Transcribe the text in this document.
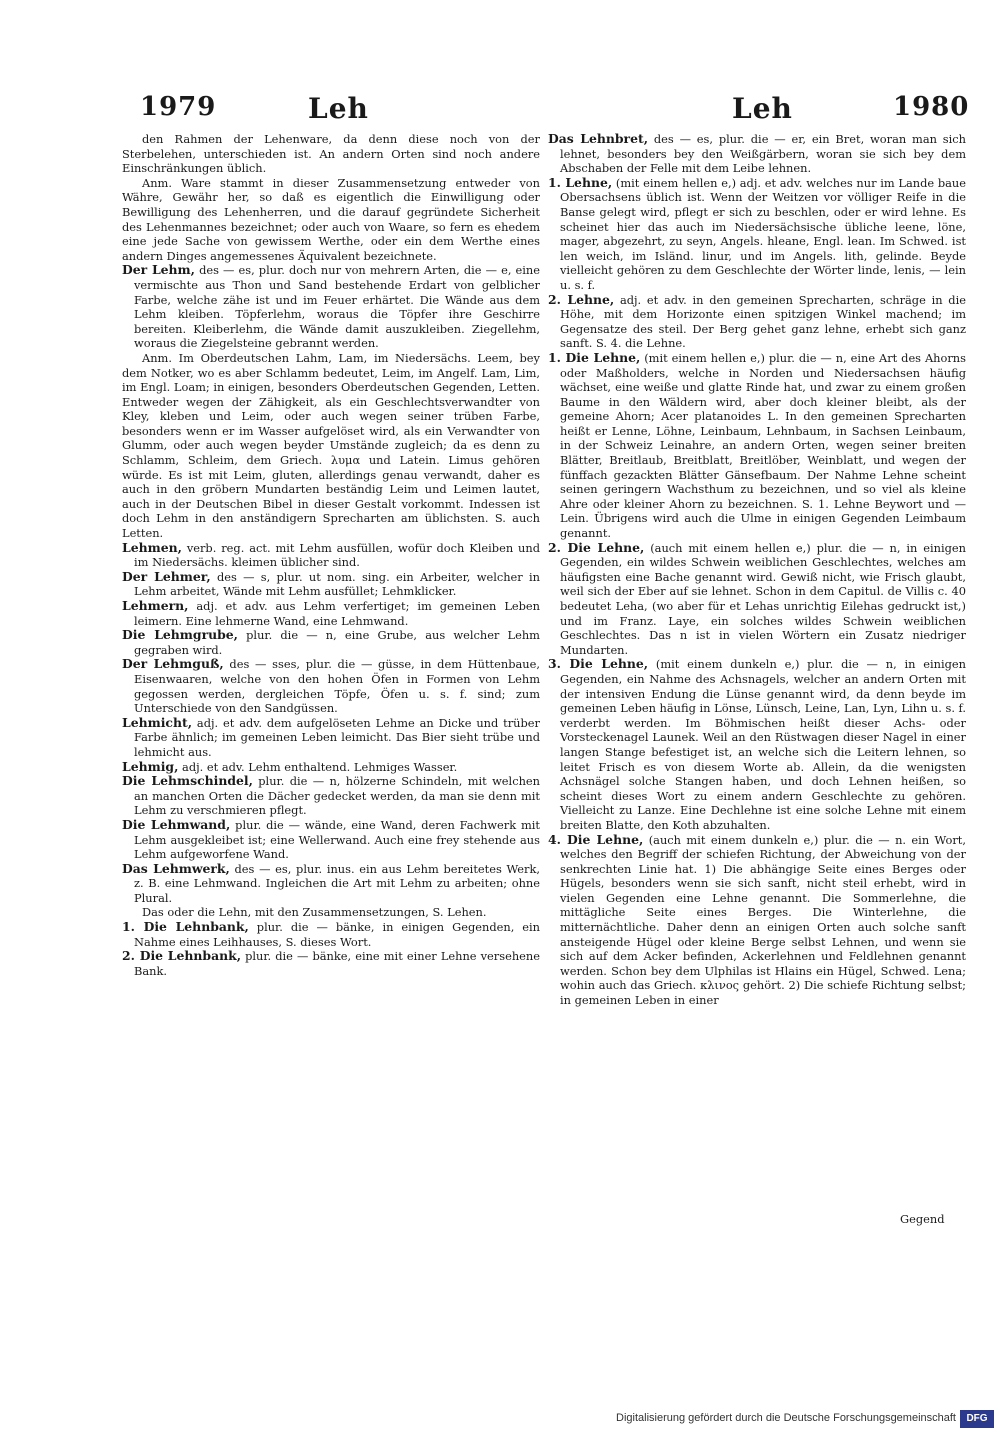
1979	Leh	Leh	1980

den Rahmen der Lehenware, da denn diese noch von der Sterbelehen, unterschieden ist. An andern Orten sind noch andere Einschränkungen üblich.

Anm. Ware stammt in dieser Zusammensetzung entweder von Währe, Gewähr her, so daß es eigentlich die Einwilligung oder Bewilligung des Lehenherren, und die darauf gegründete Sicherheit des Lehenmannes bezeichnet; oder auch von Waare, so fern es ehedem eine jede Sache von gewissem Werthe, oder ein dem Werthe eines andern Dinges angemessenes Äquivalent bezeichnete.

Der Lehm, des — es, plur. doch nur von mehrern Arten, die — e, eine vermischte aus Thon und Sand bestehende Erdart von gelblicher Farbe, welche zähe ist und im Feuer erhärtet. Die Wände aus dem Lehm kleiben. Töpferlehm, woraus die Töpfer ihre Geschirre bereiten. Kleiberlehm, die Wände damit auszukleiben. Ziegellehm, woraus die Ziegelsteine gebrannt werden.

Anm. Im Oberdeutschen Lahm, Lam, im Niedersächs. Leem, bey dem Notker, wo es aber Schlamm bedeutet, Leim, im Angelf. Lam, Lim, im Engl. Loam; in einigen, besonders Oberdeutschen Gegenden, Letten. Entweder wegen der Zähigkeit, als ein Geschlechtsverwandter von Kley, kleben und Leim, oder auch wegen seiner trüben Farbe, besonders wenn er im Wasser aufgelöset wird, als ein Verwandter von Glumm, oder auch wegen beyder Umstände zugleich; da es denn zu Schlamm, Schleim, dem Griech. λυμα und Latein. Limus gehören würde. Es ist mit Leim, gluten, allerdings genau verwandt, daher es auch in den gröbern Mundarten beständig Leim und Leimen lautet, auch in der Deutschen Bibel in dieser Gestalt vorkommt. Indessen ist doch Lehm in den anständigern Sprecharten am üblichsten. S. auch Letten.

Lehmen, verb. reg. act. mit Lehm ausfüllen, wofür doch Kleiben und im Niedersächs. kleimen üblicher sind.

Der Lehmer, des — s, plur. ut nom. sing. ein Arbeiter, welcher in Lehm arbeitet, Wände mit Lehm ausfüllet; Lehmklicker.

Lehmern, adj. et adv. aus Lehm verfertiget; im gemeinen Leben leimern. Eine lehmerne Wand, eine Lehmwand.

Die Lehmgrube, plur. die — n, eine Grube, aus welcher Lehm gegraben wird.

Der Lehmguß, des — sses, plur. die — güsse, in dem Hüttenbaue, Eisenwaaren, welche von den hohen Öfen in Formen von Lehm gegossen werden, dergleichen Töpfe, Öfen u. s. f. sind; zum Unterschiede von den Sandgüssen.

Lehmicht, adj. et adv. dem aufgelöseten Lehme an Dicke und trüber Farbe ähnlich; im gemeinen Leben leimicht. Das Bier sieht trübe und lehmicht aus.

Lehmig, adj. et adv. Lehm enthaltend. Lehmiges Wasser.

Die Lehmschindel, plur. die — n, hölzerne Schindeln, mit welchen an manchen Orten die Dächer gedecket werden, da man sie denn mit Lehm zu verschmieren pflegt.

Die Lehmwand, plur. die — wände, eine Wand, deren Fachwerk mit Lehm ausgekleibet ist; eine Wellerwand. Auch eine frey stehende aus Lehm aufgeworfene Wand.

Das Lehmwerk, des — es, plur. inus. ein aus Lehm bereitetes Werk, z. B. eine Lehmwand. Ingleichen die Art mit Lehm zu arbeiten; ohne Plural.

Das oder die Lehn, mit den Zusammensetzungen, S. Lehen.

1. Die Lehnbank, plur. die — bänke, in einigen Gegenden, ein Nahme eines Leihhauses, S. dieses Wort.

2. Die Lehnbank, plur. die — bänke, eine mit einer Lehne versehene Bank.

Das Lehnbret, des — es, plur. die — er, ein Bret, woran man sich lehnet, besonders bey den Weißgärbern, woran sie sich bey dem Abschaben der Felle mit dem Leibe lehnen.

1. Lehne, (mit einem hellen e,) adj. et adv. welches nur im Lande baue Obersachsens üblich ist. Wenn der Weitzen vor völliger Reife in die Banse gelegt wird, pflegt er sich zu beschlen, oder er wird lehne. Es scheinet hier das auch im Niedersächsische übliche leene, löne, mager, abgezehrt, zu seyn, Angels. hleane, Engl. lean. Im Schwed. ist len weich, im Isländ. linur, und im Angels. lith, gelinde. Beyde vielleicht gehören zu dem Geschlechte der Wörter linde, lenis, — lein u. s. f.

2. Lehne, adj. et adv. in den gemeinen Sprecharten, schräge in die Höhe, mit dem Horizonte einen spitzigen Winkel machend; im Gegensatze des steil. Der Berg gehet ganz lehne, erhebt sich ganz sanft. S. 4. die Lehne.

1. Die Lehne, (mit einem hellen e,) plur. die — n, eine Art des Ahorns oder Maßholders, welche in Norden und Niedersachsen häufig wächset, eine weiße und glatte Rinde hat, und zwar zu einem großen Baume in den Wäldern wird, aber doch kleiner bleibt, als der gemeine Ahorn; Acer platanoides L. In den gemeinen Sprecharten heißt er Lenne, Löhne, Leinbaum, Lehnbaum, in Sachsen Leinbaum, in der Schweiz Leinahre, an andern Orten, wegen seiner breiten Blätter, Breitlaub, Breitblatt, Breitlöber, Weinblatt, und wegen der fünffach gezackten Blätter Gänsefbaum. Der Nahme Lehne scheint seinen geringern Wachsthum zu bezeichnen, und so viel als kleine Ahre oder kleiner Ahorn zu bezeichnen. S. 1. Lehne Beywort und — Lein. Übrigens wird auch die Ulme in einigen Gegenden Leimbaum genannt.

2. Die Lehne, (auch mit einem hellen e,) plur. die — n, in einigen Gegenden, ein wildes Schwein weiblichen Geschlechtes, welches am häufigsten eine Bache genannt wird. Gewiß nicht, wie Frisch glaubt, weil sich der Eber auf sie lehnet. Schon in dem Capitul. de Villis c. 40 bedeutet Leha, (wo aber für et Lehas unrichtig Eilehas gedruckt ist,) und im Franz. Laye, ein solches wildes Schwein weiblichen Geschlechtes. Das n ist in vielen Wörtern ein Zusatz niedriger Mundarten.

3. Die Lehne, (mit einem dunkeln e,) plur. die — n, in einigen Gegenden, ein Nahme des Achsnagels, welcher an andern Orten mit der intensiven Endung die Lünse genannt wird, da denn beyde im gemeinen Leben häufig in Lönse, Lünsch, Leine, Lan, Lyn, Lihn u. s. f. verderbt werden. Im Böhmischen heißt dieser Achs- oder Vorsteckenagel Launek. Weil an den Rüstwagen dieser Nagel in einer langen Stange befestiget ist, an welche sich die Leitern lehnen, so leitet Frisch es von diesem Worte ab. Allein, da die wenigsten Achsnägel solche Stangen haben, und doch Lehnen heißen, so scheint dieses Wort zu einem andern Geschlechte zu gehören. Vielleicht zu Lanze. Eine Dechlehne ist eine solche Lehne mit einem breiten Blatte, den Koth abzuhalten.

4. Die Lehne, (auch mit einem dunkeln e,) plur. die — n. ein Wort, welches den Begriff der schiefen Richtung, der Abweichung von der senkrechten Linie hat. 1) Die abhängige Seite eines Berges oder Hügels, besonders wenn sie sich sanft, nicht steil erhebt, wird in vielen Gegenden eine Lehne genannt. Die Sommerlehne, die mittägliche Seite eines Berges. Die Winterlehne, die mitternächtliche. Daher denn an einigen Orten auch solche sanft ansteigende Hügel oder kleine Berge selbst Lehnen, und wenn sie sich auf dem Acker befinden, Ackerlehnen und Feldlehnen genannt werden. Schon bey dem Ulphilas ist Hlains ein Hügel, Schwed. Lena; wohin auch das Griech. κλινος gehört. 2) Die schiefe Richtung selbst; in gemeinen Leben in einer

Gegend
Digitalisierung gefördert durch die Deutsche Forschungsgemeinschaft	DFG
